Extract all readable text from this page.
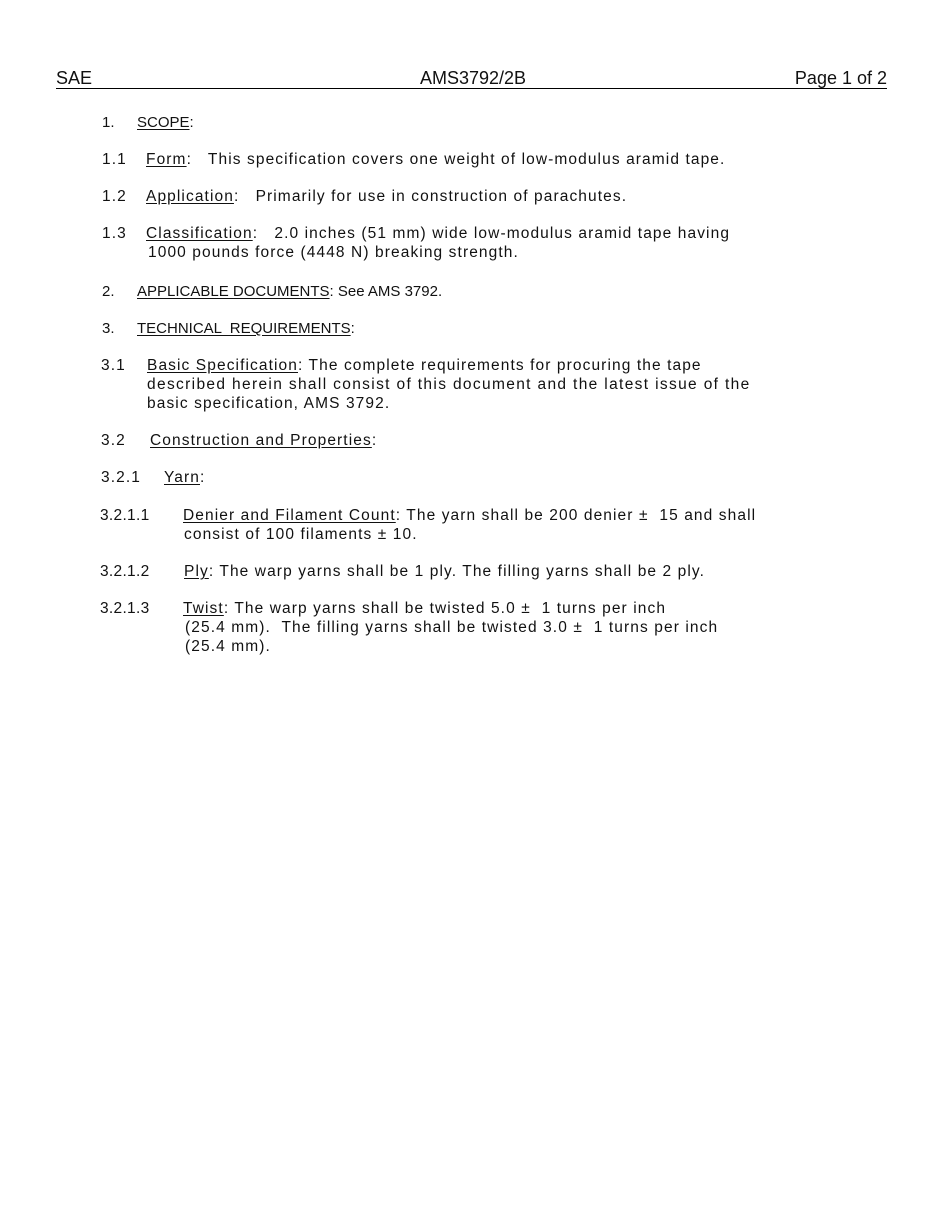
SAE	AMS3792/2B	Page 1 of 2
1. SCOPE:
1.1 Form:   This specification covers one weight of low-modulus aramid tape.
1.2 Application:   Primarily for use in construction of parachutes.
1.3 Classification:   2.0 inches (51 mm) wide low-modulus aramid tape having
1000 pounds force (4448 N) breaking strength.
2. APPLICABLE DOCUMENTS: See AMS 3792.
3. TECHNICAL  REQUIREMENTS:
3.1 Basic Specification: The complete requirements for procuring the tape
described herein shall consist of this document and the latest issue of the
basic specification, AMS 3792.
3.2 Construction and Properties:
3.2.1 Yarn:
3.2.1.1 Denier and Filament Count: The yarn shall be 200 denier ±  15 and shall
consist of 100 filaments ± 10.
3.2.1.2 Ply: The warp yarns shall be 1 ply. The filling yarns shall be 2 ply.
3.2.1.3 Twist: The warp yarns shall be twisted 5.0 ±  1 turns per inch
(25.4 mm).  The filling yarns shall be twisted 3.0 ±  1 turns per inch
(25.4 mm).
